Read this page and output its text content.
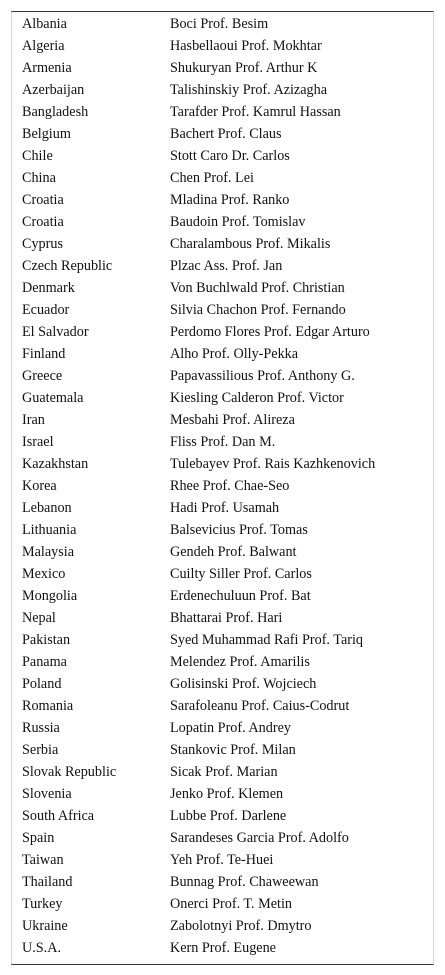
Albania	Boci Prof. Besim
Algeria	Hasbellaoui Prof. Mokhtar
Armenia	Shukuryan Prof. Arthur K
Azerbaijan	Talishinskiy Prof. Azizagha
Bangladesh	Tarafder Prof. Kamrul Hassan
Belgium	Bachert Prof. Claus
Chile	Stott Caro Dr. Carlos
China	Chen Prof. Lei
Croatia	Mladina Prof. Ranko
Croatia	Baudoin Prof. Tomislav
Cyprus	Charalambous Prof. Mikalis
Czech Republic	Plzac Ass. Prof. Jan
Denmark	Von Buchlwald Prof. Christian
Ecuador	Silvia Chachon Prof. Fernando
El Salvador	Perdomo Flores Prof. Edgar Arturo
Finland	Alho Prof. Olly-Pekka
Greece	Papavassilious Prof. Anthony G.
Guatemala	Kiesling Calderon Prof. Victor
Iran	Mesbahi Prof. Alireza
Israel	Fliss Prof. Dan M.
Kazakhstan	Tulebayev Prof. Rais Kazhkenovich
Korea	Rhee Prof. Chae-Seo
Lebanon	Hadi Prof. Usamah
Lithuania	Balsevicius Prof. Tomas
Malaysia	Gendeh Prof. Balwant
Mexico	Cuilty Siller Prof. Carlos
Mongolia	Erdenechuluun Prof. Bat
Nepal	Bhattarai Prof. Hari
Pakistan	Syed Muhammad Rafi Prof. Tariq
Panama	Melendez Prof. Amarilis
Poland	Golisinski Prof. Wojciech
Romania	Sarafoleanu Prof. Caius-Codrut
Russia	Lopatin Prof. Andrey
Serbia	Stankovic Prof. Milan
Slovak Republic	Sicak Prof. Marian
Slovenia	Jenko Prof. Klemen
South Africa	Lubbe Prof. Darlene
Spain	Sarandeses Garcia Prof. Adolfo
Taiwan	Yeh Prof. Te-Huei
Thailand	Bunnag Prof. Chaweewan
Turkey	Onerci Prof. T. Metin
Ukraine	Zabolotnyi Prof. Dmytro
U.S.A.	Kern Prof. Eugene
